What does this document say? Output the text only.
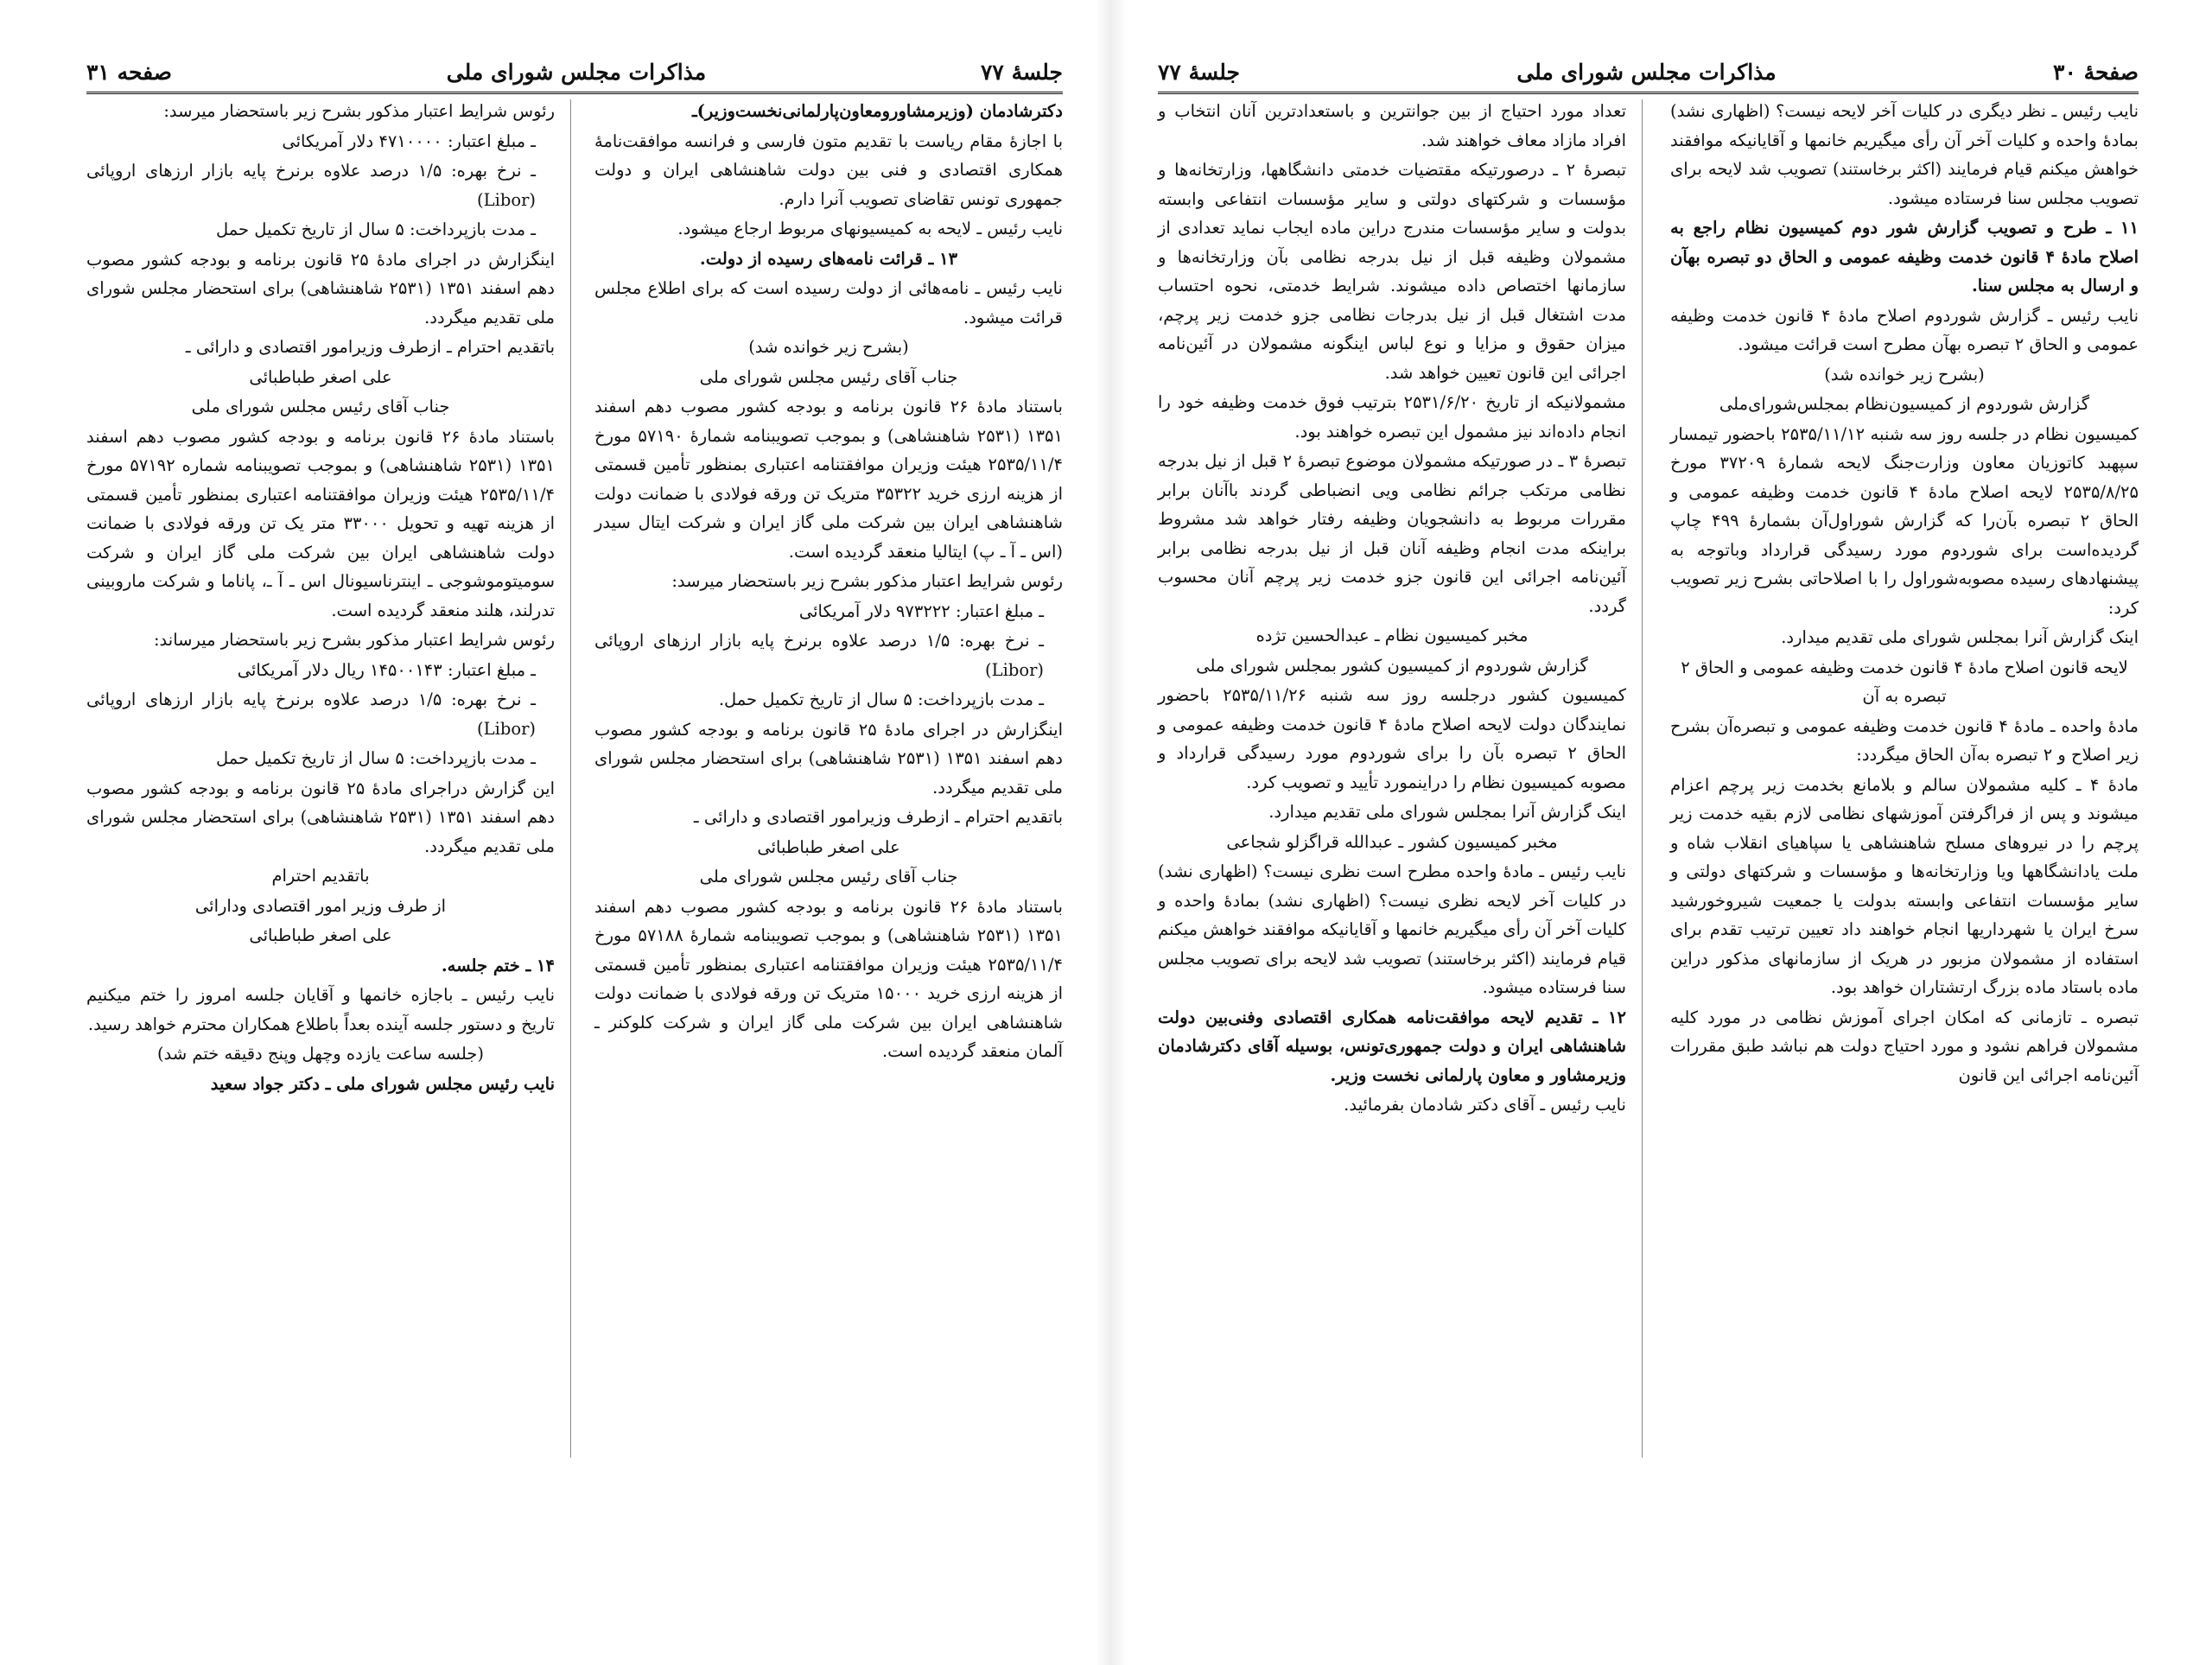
جلسهٔ ۷۷
مذاکرات مجلس شورای ملی
صفحه ۳۱

دکترشادمان (وزیرمشاورومعاون‌پارلمانی‌نخست‌وزیر)ـ

با اجازهٔ مقام ریاست با تقدیم متون فارسی و فرانسه موافقت‌نامهٔ همکاری اقتصادی و فنی بین دولت شاهنشاهی ایران و دولت جمهوری تونس تقاضای تصویب آنرا دارم.

نایب رئیس ـ لایحه به کمیسیونهای مربوط ارجاع میشود.

۱۳ ـ قرائت نامه‌های رسیده از دولت.

نایب رئیس ـ نامه‌هائی از دولت رسیده است که برای اطلاع مجلس قرائت میشود.

(بشرح زیر خوانده شد)

جناب آقای رئیس مجلس شورای ملی

باستناد مادهٔ ۲۶ قانون برنامه و بودجه کشور مصوب دهم اسفند ۱۳۵۱ (۲۵۳۱ شاهنشاهی) و بموجب تصویبنامه شمارهٔ ۵۷۱۹۰ مورخ ۲۵۳۵/۱۱/۴ هیئت وزیران موافقتنامه اعتباری بمنظور تأمین قسمتی از هزینه ارزی خرید ۳۵۳۲۲ متریک تن ورقه فولادی با ضمانت دولت شاهنشاهی ایران بین شرکت ملی گاز ایران و شرکت ایتال سیدر (اس ـ آ ـ پ) ایتالیا منعقد گردیده است.

رئوس شرایط اعتبار مذکور بشرح زیر باستحضار میرسد:

ـ مبلغ اعتبار: ۹۷۳۲۲۲ دلار آمریکائی

ـ نرخ بهره: ۱/۵ درصد علاوه برنرخ پایه بازار ارزهای اروپائی (Libor)

ـ مدت بازپرداخت: ۵ سال از تاریخ تکمیل حمل.

اینگزارش در اجرای مادهٔ ۲۵ قانون برنامه و بودجه کشور مصوب دهم اسفند ۱۳۵۱ (۲۵۳۱ شاهنشاهی) برای استحضار مجلس شورای ملی تقدیم میگردد.

باتقدیم احترام ـ ازطرف وزیرامور اقتصادی و دارائی ـ

علی اصغر طباطبائی

جناب آقای رئیس مجلس شورای ملی

باستناد مادهٔ ۲۶ قانون برنامه و بودجه کشور مصوب دهم اسفند ۱۳۵۱ (۲۵۳۱ شاهنشاهی) و بموجب تصویبنامه شمارهٔ ۵۷۱۸۸ مورخ ۲۵۳۵/۱۱/۴ هیئت وزیران موافقتنامه اعتباری بمنظور تأمین قسمتی از هزینه ارزی خرید ۱۵۰۰۰ متریک تن ورقه فولادی با ضمانت دولت شاهنشاهی ایران بین شرکت ملی گاز ایران و شرکت کلوکنر ـ آلمان منعقد گردیده است.

رئوس شرایط اعتبار مذکور بشرح زیر باستحضار میرسد:

ـ مبلغ اعتبار: ۴۷۱۰۰۰۰ دلار آمریکائی

ـ نرخ بهره: ۱/۵ درصد علاوه برنرخ پایه بازار ارزهای اروپائی (Libor)

ـ مدت بازپرداخت: ۵ سال از تاریخ تکمیل حمل

اینگزارش در اجرای مادهٔ ۲۵ قانون برنامه و بودجه کشور مصوب دهم اسفند ۱۳۵۱ (۲۵۳۱ شاهنشاهی) برای استحضار مجلس شورای ملی تقدیم میگردد.

باتقدیم احترام ـ ازطرف وزیرامور اقتصادی و دارائی ـ

علی اصغر طباطبائی

جناب آقای رئیس مجلس شورای ملی

باستناد مادهٔ ۲۶ قانون برنامه و بودجه کشور مصوب دهم اسفند ۱۳۵۱ (۲۵۳۱ شاهنشاهی) و بموجب تصویبنامه شماره ۵۷۱۹۲ مورخ ۲۵۳۵/۱۱/۴ هیئت وزیران موافقتنامه اعتباری بمنظور تأمین قسمتی از هزینه تهیه و تحویل ۳۳۰۰۰ متر یک تن ورقه فولادی با ضمانت دولت شاهنشاهی ایران بین شرکت ملی گاز ایران و شرکت سومیتوموشوجی ـ اینترناسیونال اس ـ آ ـ، پاناما و شرکت ماروبینی تدرلند، هلند منعقد گردیده است.

رئوس شرایط اعتبار مذکور بشرح زیر باستحضار میرساند:

ـ مبلغ اعتبار: ۱۴۵۰۰۱۴۳ ریال دلار آمریکائی

ـ نرخ بهره: ۱/۵ درصد علاوه برنرخ پایه بازار ارزهای اروپائی (Libor)

ـ مدت بازپرداخت: ۵ سال از تاریخ تکمیل حمل

این گزارش دراجرای مادهٔ ۲۵ قانون برنامه و بودجه کشور مصوب دهم اسفند ۱۳۵۱ (۲۵۳۱ شاهنشاهی) برای استحضار مجلس شورای ملی تقدیم میگردد.

باتقدیم احترام

از طرف وزیر امور اقتصادی ودارائی

علی اصغر طباطبائی

۱۴ ـ ختم جلسه.

نایب رئیس ـ باجازه خانمها و آقایان جلسه امروز را ختم میکنیم تاریخ و دستور جلسه آینده بعداً باطلاع همکاران محترم خواهد رسید.

(جلسه ساعت یازده وچهل وپنج دقیقه ختم شد)

نایب رئیس مجلس شورای ملی ـ دکتر جواد سعید

صفحهٔ ۳۰
مذاکرات مجلس شورای ملی
جلسهٔ ۷۷

نایب رئیس ـ نظر دیگری در کلیات آخر لایحه نیست؟ (اظهاری نشد) بمادهٔ واحده و کلیات آخر آن رأی میگیریم خانمها و آقایانیکه موافقند خواهش میکنم قیام فرمایند (اکثر برخاستند) تصویب شد لایحه برای تصویب مجلس سنا فرستاده میشود.

۱۱ ـ طرح و تصویب گزارش شور دوم کمیسیون نظام راجع به اصلاح مادهٔ ۴ قانون خدمت وظیفه عمومی و الحاق دو تبصره بهآن و ارسال به مجلس سنا.

نایب رئیس ـ گزارش شوردوم اصلاح مادهٔ ۴ قانون خدمت وظیفه عمومی و الحاق ۲ تبصره بهآن مطرح است قرائت میشود.

(بشرح زیر خوانده شد)

گزارش شوردوم از کمیسیون‌نظام بمجلس‌شورای‌ملی

کمیسیون نظام در جلسه روز سه شنبه ۲۵۳۵/۱۱/۱۲ باحضور تیمسار سپهبد کاتوزیان معاون وزارت‌جنگ لایحه شمارهٔ ۳۷۲۰۹ مورخ ۲۵۳۵/۸/۲۵ لایحه اصلاح مادهٔ ۴ قانون خدمت وظیفه عمومی و الحاق ۲ تبصره بآن‌را که گزارش شوراول‌آن بشمارهٔ ۴۹۹ چاپ گردیده‌است برای شوردوم مورد رسیدگی قرارداد وباتوجه به پیشنهادهای رسیده مصوبه‌شوراول را با اصلاحاتی بشرح زیر تصویب کرد:

اینک گزارش آنرا بمجلس شورای ملی تقدیم میدارد.

لایحه قانون اصلاح مادهٔ ۴ قانون خدمت وظیفه عمومی و الحاق ۲ تبصره به آن

مادهٔ واحده ـ مادهٔ ۴ قانون خدمت وظیفه عمومی و تبصره‌آن بشرح زیر اصلاح و ۲ تبصره به‌آن الحاق میگردد:

مادهٔ ۴ ـ کلیه مشمولان سالم و بلامانع بخدمت زیر پرچم اعزام میشوند و پس از فراگرفتن آموزشهای نظامی لازم بقیه خدمت زیر پرچم را در نیروهای مسلح شاهنشاهی یا سپاهیای انقلاب شاه و ملت یادانشگاهها ویا وزارتخانه‌ها و مؤسسات و شرکتهای دولتی و سایر مؤسسات انتفاعی وابسته بدولت یا جمعیت شیروخورشید سرخ ایران یا شهرداریها انجام خواهند داد تعیین ترتیب تقدم برای استفاده از مشمولان مزبور در هریک از سازمانهای مذکور دراین ماده باستاد ماده بزرگ ارتشتاران خواهد بود.

تبصره ـ تازمانی که امکان اجرای آموزش نظامی در مورد کلیه مشمولان فراهم نشود و مورد احتیاج دولت هم نباشد طبق مقررات آئین‌نامه اجرائی این قانون

تعداد مورد احتیاج از بین جوانترین و باستعدادترین آنان انتخاب و افراد مازاد معاف خواهند شد.

تبصرهٔ ۲ ـ درصورتیکه مقتضیات خدمتی دانشگاهها، وزارتخانه‌ها و مؤسسات و شرکتهای دولتی و سایر مؤسسات انتفاعی وابسته بدولت و سایر مؤسسات مندرج دراین ماده ایجاب نماید تعدادی از مشمولان وظیفه قبل از نیل بدرجه نظامی بآن وزارتخانه‌ها و سازمانها اختصاص داده میشوند. شرایط خدمتی، نحوه احتساب مدت اشتغال قبل از نیل بدرجات نظامی جزو خدمت زیر پرچم، میزان حقوق و مزایا و نوع لباس اینگونه مشمولان در آئین‌نامه اجرائی این قانون تعیین خواهد شد.

مشمولانیکه از تاریخ ۲۵۳۱/۶/۲۰ بترتیب فوق خدمت وظیفه خود را انجام داده‌اند نیز مشمول این تبصره خواهند بود.

تبصرهٔ ۳ ـ در صورتیکه مشمولان موضوع تبصرهٔ ۲ قبل از نیل بدرجه نظامی مرتکب جرائم نظامی ویی انضباطی گردند باآنان برابر مقررات مربوط به دانشجویان وظیفه رفتار خواهد شد مشروط براینکه مدت انجام وظیفه آنان قبل از نیل بدرجه نظامی برابر آئین‌نامه اجرائی این قانون جزو خدمت زیر پرچم آنان محسوب گردد.

مخبر کمیسیون نظام ـ عبدالحسین تژده

گزارش شوردوم از کمیسیون کشور بمجلس شورای ملی

کمیسیون کشور درجلسه روز سه شنبه ۲۵۳۵/۱۱/۲۶ باحضور نمایندگان دولت لایحه اصلاح مادهٔ ۴ قانون خدمت وظیفه عمومی و الحاق ۲ تبصره بآن را برای شوردوم مورد رسیدگی قرارداد و مصوبه کمیسیون نظام را دراینمورد تأیید و تصویب کرد.

اینک گزارش آنرا بمجلس شورای ملی تقدیم میدارد.

مخبر کمیسیون کشور ـ عبدالله قراگزلو شجاعی

نایب رئیس ـ مادهٔ واحده مطرح است نظری نیست؟ (اظهاری نشد) در کلیات آخر لایحه نظری نیست؟ (اظهاری نشد) بمادهٔ واحده و کلیات آخر آن رأی میگیریم خانمها و آقایانیکه موافقند خواهش میکنم قیام فرمایند (اکثر برخاستند) تصویب شد لایحه برای تصویب مجلس سنا فرستاده میشود.

۱۲ ـ تقدیم لایحه موافقت‌نامه همکاری اقتصادی وفنی‌بین دولت شاهنشاهی ایران و دولت جمهوری‌تونس، بوسیله آقای دکترشادمان وزیرمشاور و معاون پارلمانی نخست وزیر.

نایب رئیس ـ آقای دکتر شادمان بفرمائید.
